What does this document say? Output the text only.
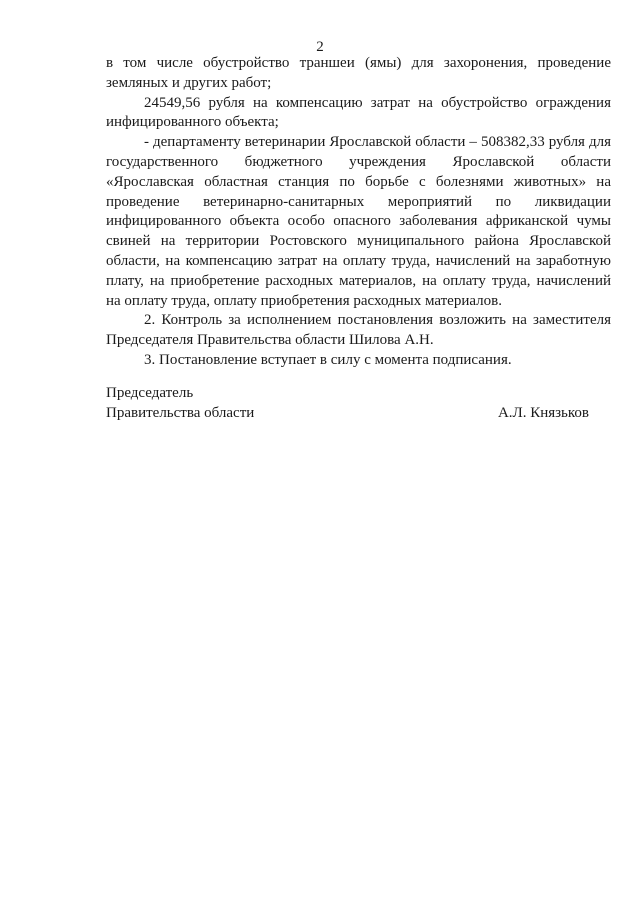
2

в том числе обустройство траншеи (ямы) для захоронения, проведение земляных и других работ;

24549,56 рубля на компенсацию затрат на обустройство ограждения инфицированного объекта;

- департаменту ветеринарии Ярославской области – 508382,33 рубля для государственного бюджетного учреждения Ярославской области «Ярославская областная станция по борьбе с болезнями животных» на проведение ветеринарно-санитарных мероприятий по ликвидации инфицированного объекта особо опасного заболевания африканской чумы свиней на территории Ростовского муниципального района Ярославской области, на компенсацию затрат на оплату труда, начислений на заработную плату, на приобретение расходных материалов, на оплату труда, начислений на оплату труда, оплату приобретения расходных материалов.

2. Контроль за исполнением постановления возложить на заместителя Председателя Правительства области Шилова А.Н.

3. Постановление вступает в силу с момента подписания.

Председатель
Правительства области	А.Л. Князьков
